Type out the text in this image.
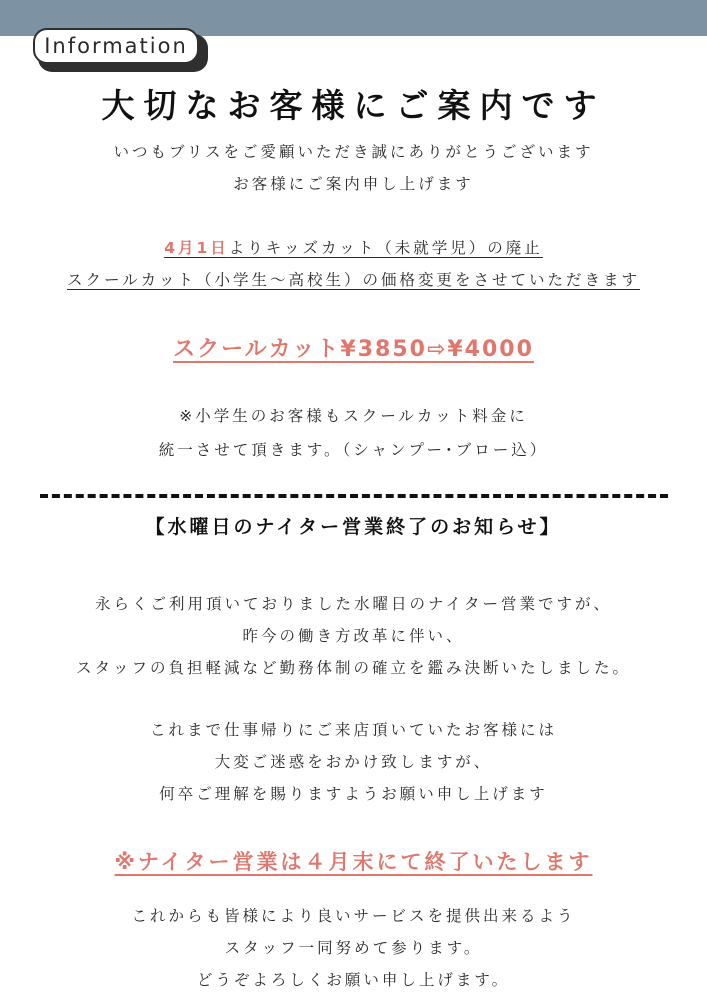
Information
大切なお客様にご案内です
いつもブリスをご愛顧いただき誠にありがとうございます
お客様にご案内申し上げます
4月1日よりキッズカット（未就学児）の廃止
スクールカット（小学生～高校生）の価格変更をさせていただきます
スクールカット¥3850⇨¥4000
※小学生のお客様もスクールカット料金に
統一させて頂きます。（シャンプー･ブロー込）
【水曜日のナイター営業終了のお知らせ】
永らくご利用頂いておりました水曜日のナイター営業ですが、
昨今の働き方改革に伴い、
スタッフの負担軽減など勤務体制の確立を鑑み決断いたしました。
これまで仕事帰りにご来店頂いていたお客様には
大変ご迷惑をおかけ致しますが、
何卒ご理解を賜りますようお願い申し上げます
※ナイター営業は４月末にて終了いたします
これからも皆様により良いサービスを提供出来るよう
スタッフ一同努めて参ります。
どうぞよろしくお願い申し上げます。
